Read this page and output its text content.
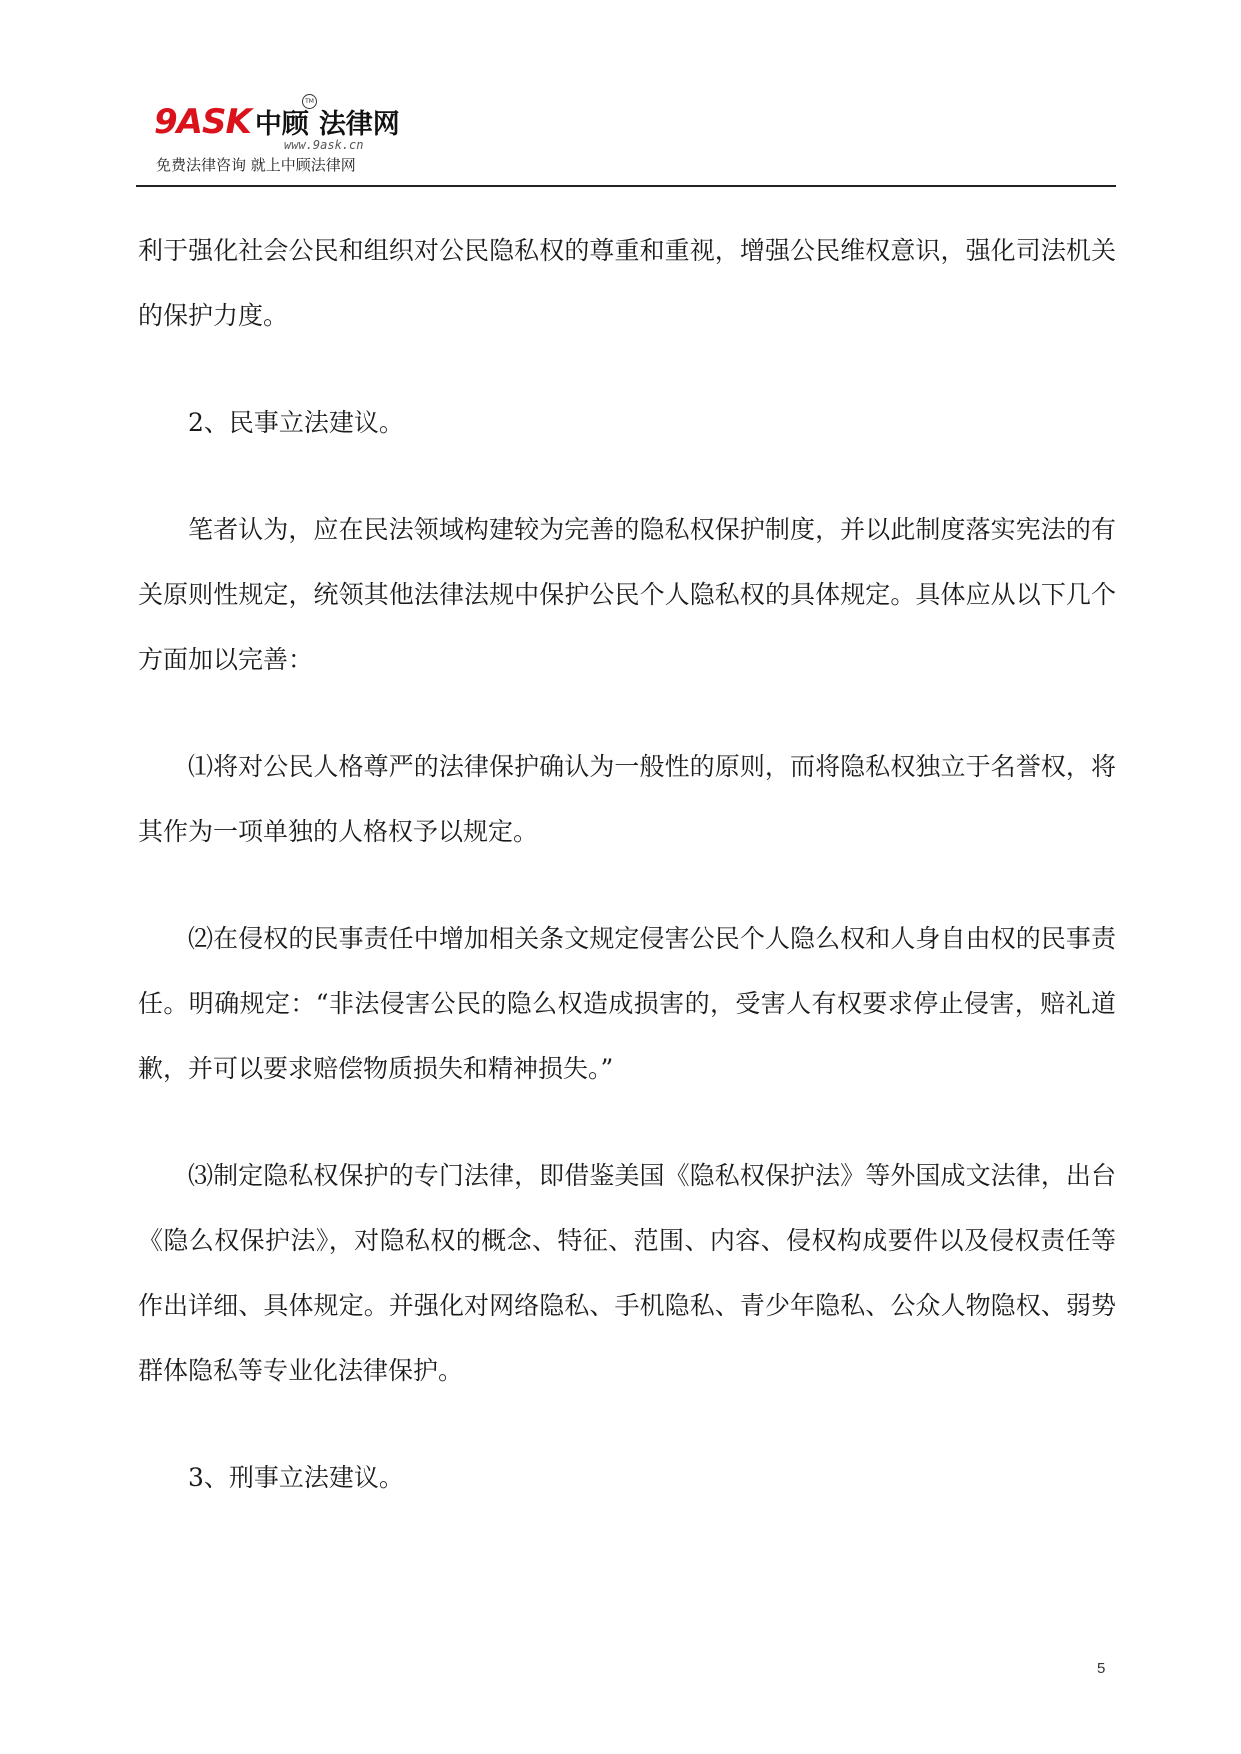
9ASK 中顾 法律网
TM
www.9ask.cn
免费法律咨询 就上中顾法律网

利于强化社会公民和组织对公民隐私权的尊重和重视，增强公民维权意识，强化司法机关的保护力度。

2、民事立法建议。

笔者认为，应在民法领域构建较为完善的隐私权保护制度，并以此制度落实宪法的有关原则性规定，统领其他法律法规中保护公民个人隐私权的具体规定。具体应从以下几个方面加以完善：

⑴将对公民人格尊严的法律保护确认为一般性的原则，而将隐私权独立于名誉权，将其作为一项单独的人格权予以规定。

⑵在侵权的民事责任中增加相关条文规定侵害公民个人隐么权和人身自由权的民事责任。明确规定：“非法侵害公民的隐么权造成损害的，受害人有权要求停止侵害，赔礼道歉，并可以要求赔偿物质损失和精神损失。”

⑶制定隐私权保护的专门法律，即借鉴美国《隐私权保护法》等外国成文法律，出台《隐么权保护法》，对隐私权的概念、特征、范围、内容、侵权构成要件以及侵权责任等作出详细、具体规定。并强化对网络隐私、手机隐私、青少年隐私、公众人物隐权、弱势群体隐私等专业化法律保护。

3、刑事立法建议。

5
